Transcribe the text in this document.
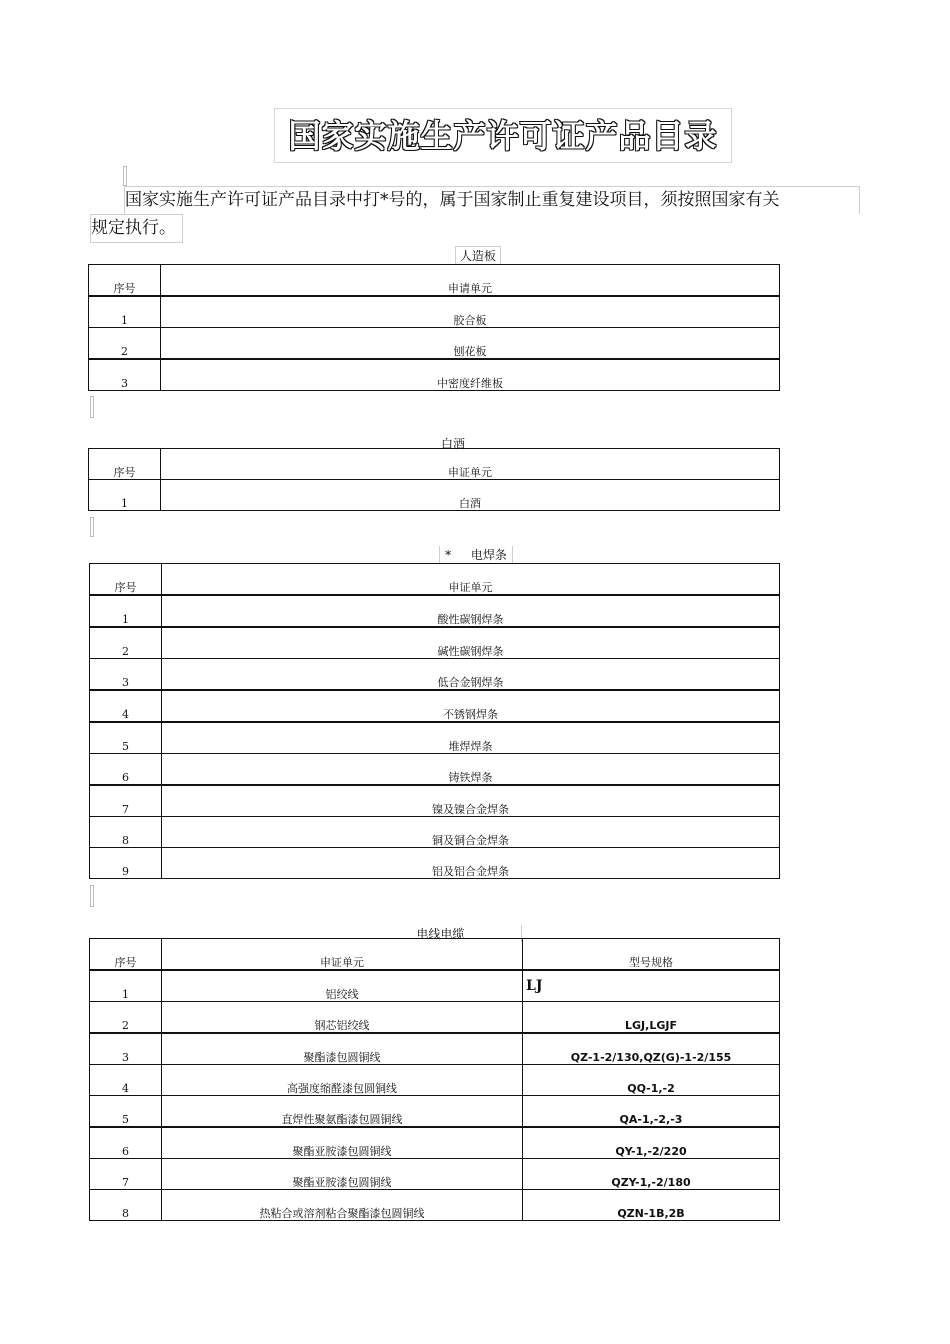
国家实施生产许可证产品目录
国家实施生产许可证产品目录中打*号的，属于国家制止重复建设项目，须按照国家有关
规定执行。
人造板
序号	申请单元
1	胶合板
2	刨花板
3	中密度纤维板
白酒
序号	申证单元
1	白酒
* 电焊条
序号	申证单元
1	酸性碳钢焊条
2	碱性碳钢焊条
3	低合金钢焊条
4	不锈钢焊条
5	堆焊焊条
6	铸铁焊条
7	镍及镍合金焊条
8	铜及铜合金焊条
9	铝及铝合金焊条
电线电缆
序号	申证单元	型号规格
1	铝绞线	LJ
2	钢芯铝绞线	LGJ,LGJF
3	聚酯漆包圆铜线	QZ-1-2/130,QZ(G)-1-2/155
4	高强度缩醛漆包圆铜线	QQ-1,-2
5	直焊性聚氨酯漆包圆铜线	QA-1,-2,-3
6	聚酯亚胺漆包圆铜线	QY-1,-2/220
7	聚酯亚胺漆包圆铜线	QZY-1,-2/180
8	热粘合或溶剂粘合聚酯漆包圆铜线	QZN-1B,2B
